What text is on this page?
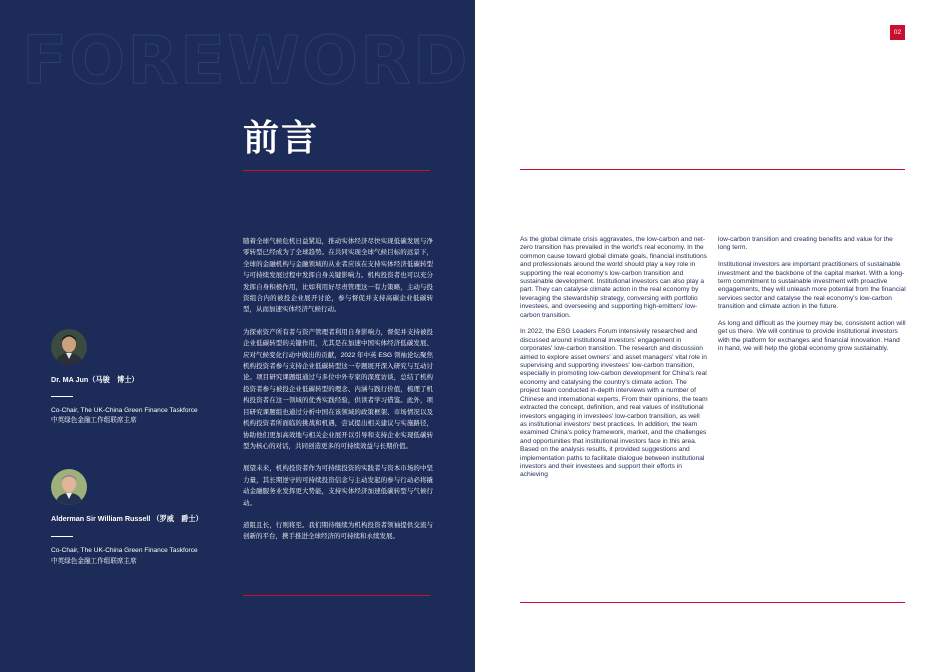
FOREWORD
前言
Dr. MA Jun（马骏　博士）
Co-Chair, The UK-China Green Finance Taskforce
中英绿色金融工作组联席主席
Alderman Sir William Russell （罗威　爵士）
Co-Chair, The UK-China Green Finance Taskforce
中英绿色金融工作组联席主席

随着全球气候危机日益紧迫，推动实体经济尽快实现低碳发展与净零转型已经成为了全球趋势。在共同实现全球气候目标的远景下，全球的金融机构与金融领域的从业者应该在支持实体经济低碳转型与可持续发展过程中发挥自身关键影响力。机构投资者也可以充分发挥自身积极作用，比如利用好尽责管理这一有力策略，主动与投资组合内的被投企业展开讨论，参与督促并支持高碳企业低碳转型，从而加速实体经济气候行动。

为探索资产所有者与资产管理者利用自身影响力，督促并支持被投企业低碳转型的关键作用，尤其是在加速中国实体经济低碳发展、应对气候变化行动中做出的贡献，2022 年中英 ESG 领袖论坛聚焦机构投资者参与支持企业低碳转型这一专题展开深入研究与互动讨论。项目研究课题组通过与多位中外专家的深度访谈，总结了机构投资者参与被投企业低碳转型的理念、内涵与践行价值，梳理了机构投资者在这一领域的优秀实践经验，供读者学习借鉴。此外，项目研究课题组也通过分析中国在该领域的政策框架、市场情况以及机构投资者所面临的挑战和机遇，尝试提出相关建议与实施路径，协助他们更加高效地与相关企业展开以引导和支持企业实现低碳转型为核心的对话，共同创造更多的可持续效益与长期价值。

展望未来，机构投资者作为可持续投资的实践者与资本市场的中坚力量，其长期逆守的可持续投资信念与主动发起的参与行动必将撬动金融服务业发挥更大势能，支持实体经济加速低碳转型与气候行动。

道阻且长，行则将至。我们期待继续为机构投资者领袖提供交流与创新的平台，携手推进全球经济的可持续和永续发展。

02

As the global climate crisis aggravates, the low-carbon and net-zero transition has prevailed in the world's real economy. In the common cause toward global climate goals, financial institutions and professionals around the world should play a key role in supporting the real economy's low-carbon transition and sustainable development. Institutional investors can also play a part. They can catalyse climate action in the real economy by leveraging the stewardship strategy, conversing with portfolio investees, and overseeing and supporting high-emitters' low-carbon transition.

In 2022, the ESG Leaders Forum intensively researched and discussed around institutional investors' engagement in corporates' low-carbon transition. The research and discussion aimed to explore asset owners' and asset managers' vital role in supervising and supporting investees' low-carbon transition, especially in promoting low-carbon development for China's real economy and catalysing the country's climate action. The project team conducted in-depth interviews with a number of Chinese and international experts. From their opinions, the team extracted the concept, definition, and real values of institutional investors engaging in investees' low-carbon transition, as well as institutional investors' best practices. In addition, the team examined China's policy framework, market, and the challenges and opportunities that institutional investors face in this area. Based on the analysis results, it provided suggestions and implementation paths to facilitate dialogue between institutional investors and their investees and support their efforts in achieving

low-carbon transition and creating benefits and value for the long term.

Institutional investors are important practitioners of sustainable investment and the backbone of the capital market. With a long-term commitment to sustainable investment with proactive engagements, they will unleash more potential from the financial services sector and catalyse the real economy's low-carbon transition and climate action in the future.

As long and difficult as the journey may be, consistent action will get us there. We will continue to provide institutional investors with the platform for exchanges and financial innovation. Hand in hand, we will help the global economy grow sustainably.
